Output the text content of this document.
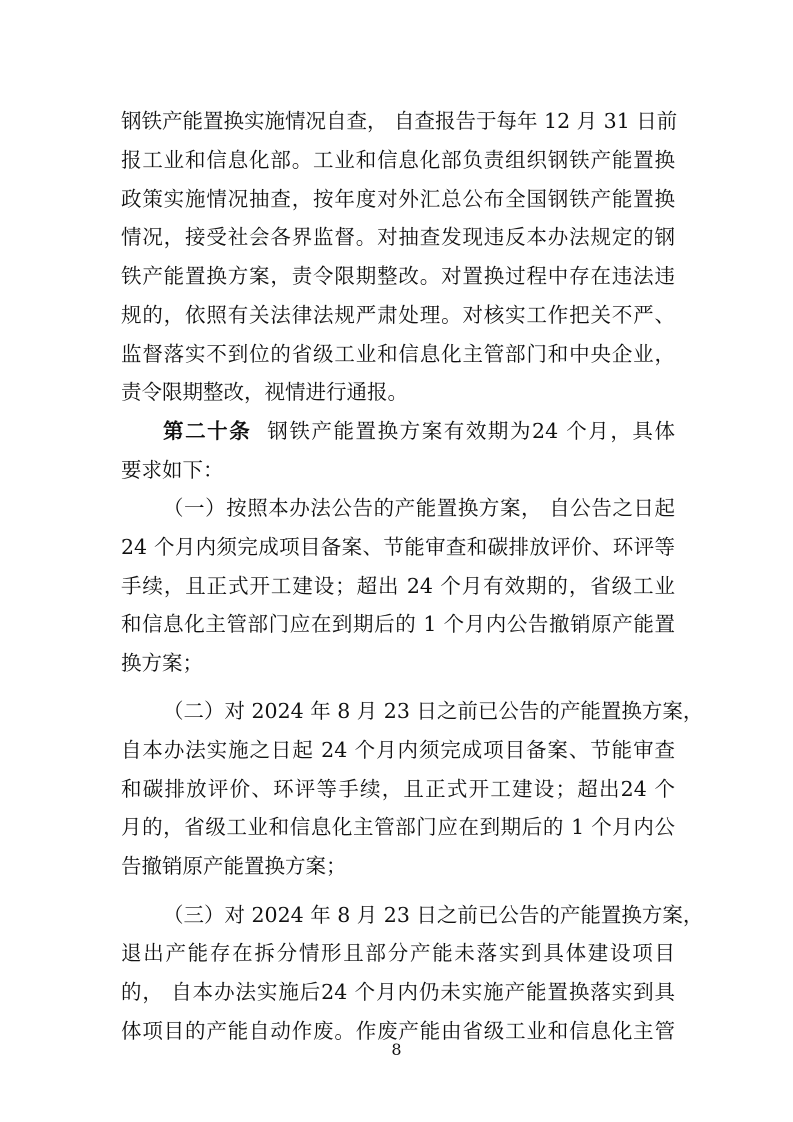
钢铁产能置换实施情况自查， 自查报告于每年 12 月 31 日前
报工业和信息化部。工业和信息化部负责组织钢铁产能置换
政策实施情况抽查，按年度对外汇总公布全国钢铁产能置换
情况，接受社会各界监督。对抽查发现违反本办法规定的钢
铁产能置换方案，责令限期整改。对置换过程中存在违法违
规的，依照有关法律法规严肃处理。对核实工作把关不严、
监督落实不到位的省级工业和信息化主管部门和中央企业，
责令限期整改，视情进行通报。
第二十条 钢铁产能置换方案有效期为24 个月，具体
要求如下：
（一）按照本办法公告的产能置换方案， 自公告之日起
24 个月内须完成项目备案、节能审查和碳排放评价、环评等
手续，且正式开工建设；超出 24 个月有效期的，省级工业
和信息化主管部门应在到期后的 1 个月内公告撤销原产能置
换方案；
（二）对 2024 年 8 月 23 日之前已公告的产能置换方案，
自本办法实施之日起 24 个月内须完成项目备案、节能审查
和碳排放评价、环评等手续，且正式开工建设；超出24 个
月的，省级工业和信息化主管部门应在到期后的 1 个月内公
告撤销原产能置换方案；
（三）对 2024 年 8 月 23 日之前已公告的产能置换方案，
退出产能存在拆分情形且部分产能未落实到具体建设项目
的， 自本办法实施后24 个月内仍未实施产能置换落实到具
体项目的产能自动作废。作废产能由省级工业和信息化主管
8
